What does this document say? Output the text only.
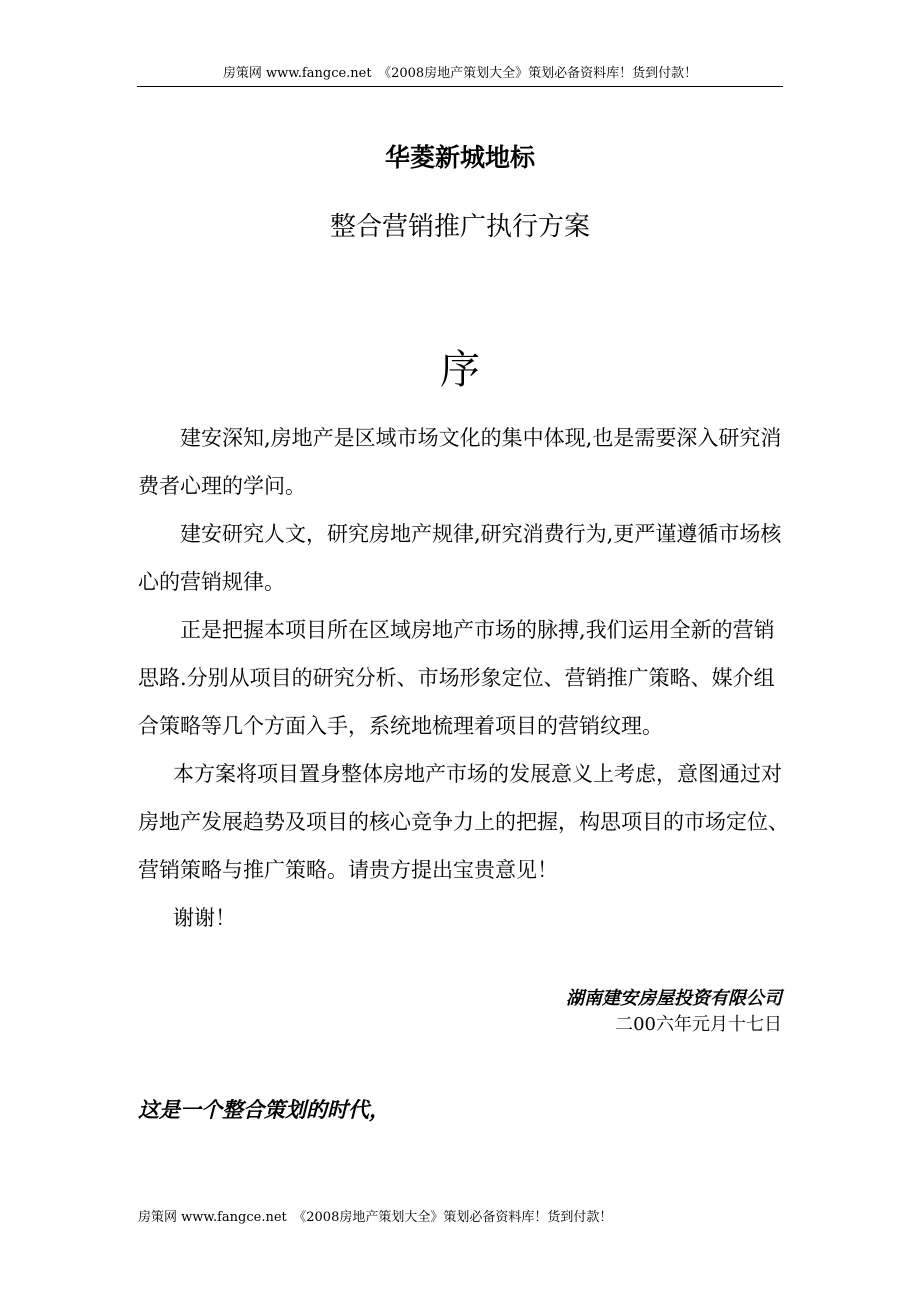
房策网 www.fangce.net　《2008房地产策划大全》策划必备资料库！货到付款！
华菱新城地标
整合营销推广执行方案
序

建安深知,房地产是区域市场文化的集中体现,也是需要深入研究消费者心理的学问。

建安研究人文，研究房地产规律,研究消费行为,更严谨遵循市场核心的营销规律。

正是把握本项目所在区域房地产市场的脉搏,我们运用全新的营销思路.分别从项目的研究分析、市场形象定位、营销推广策略、媒介组合策略等几个方面入手，系统地梳理着项目的营销纹理。

本方案将项目置身整体房地产市场的发展意义上考虑，意图通过对房地产发展趋势及项目的核心竞争力上的把握，构思项目的市场定位、营销策略与推广策略。请贵方提出宝贵意见！

谢谢！

湖南建安房屋投资有限公司
二00六年元月十七日
这是一个整合策划的时代，
房策网 www.fangce.net　《2008房地产策划大全》策划必备资料库！货到付款！
